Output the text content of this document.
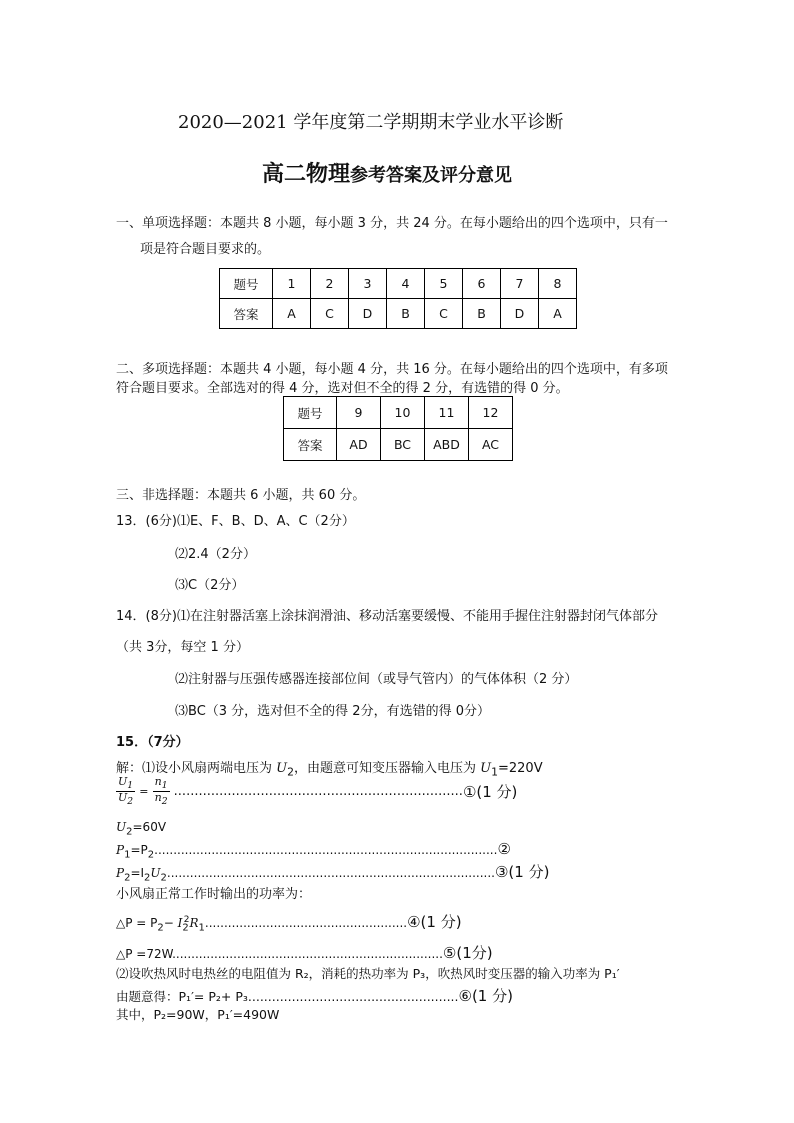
2020—2021 学年度第二学期期末学业水平诊断
高二物理参考答案及评分意见
一、单项选择题：本题共 8 小题，每小题 3 分，共 24 分。在每小题给出的四个选项中，只有一
项是符合题目要求的。
题号	1	2	3	4	5	6	7	8
答案	A	C	D	B	C	B	D	A
二、多项选择题：本题共 4 小题，每小题 4 分，共 16 分。在每小题给出的四个选项中，有多项
符合题目要求。全部选对的得 4 分，选对但不全的得 2 分，有选错的得 0 分。
题号	9	10	11	12
答案	AD	BC	ABD	AC
三、非选择题：本题共 6 小题，共 60 分。
13．(6分)⑴E、F、B、D、A、C（2分）
⑵2.4（2分）
⑶C（2分）
14．(8分)⑴在注射器活塞上涂抹润滑油、移动活塞要缓慢、不能用手握住注射器封闭气体部分
（共 3分，每空 1 分）
⑵注射器与压强传感器连接部位间（或导气管内）的气体体积（2 分）
⑶BC（3 分，选对但不全的得 2分，有选错的得 0分）
15．（7分）
解：⑴设小风扇两端电压为 $U_2$，由题意可知变压器输入电压为 $U_1=220V$
$\frac{U_1}{U_2} = \frac{n_1}{n_2}$ ......................................................................①(1 分)
$U_2=60V$
$P_1=P_2..........................................................................................②$
$P_2=I_2U_2......................................................................................③(1$ 分)
小风扇正常工作时输出的功率为：
△P = $P_2-$ $I_2^2R_1.....................................................④(1$ 分)
△P =72W.......................................................................⑤(1分)
⑵设吹热风时电热丝的电阻值为 R₂，消耗的热功率为 P₃，吹热风时变压器的输入功率为 P₁′
由题意得：P₁′= P₂+ P₃.....................................................⑥(1 分)
其中，P₂=90W，P₁′=490W
